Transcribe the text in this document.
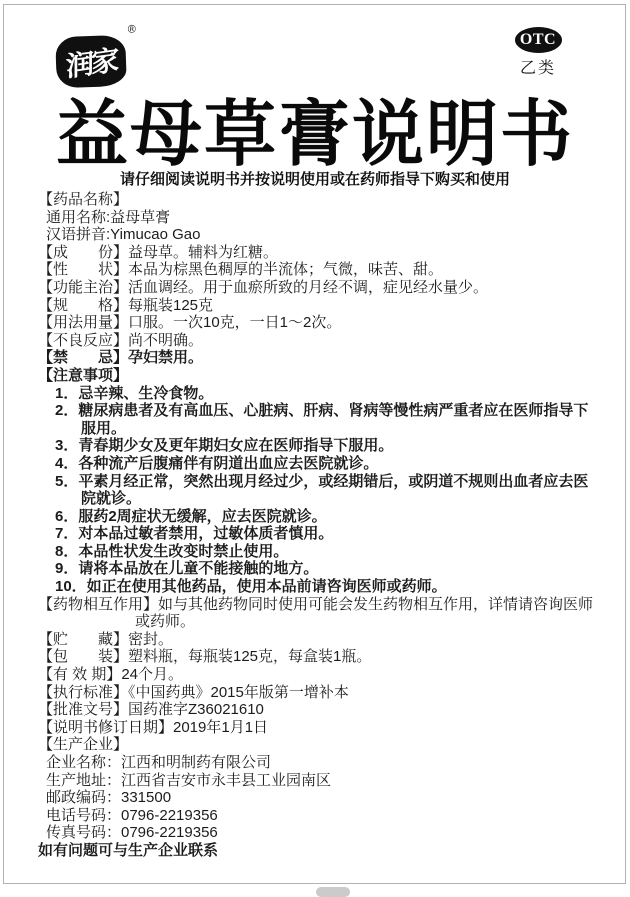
润家
®
OTC
乙类
益母草膏说明书
请仔细阅读说明书并按说明使用或在药师指导下购买和使用
【药品名称】
通用名称:益母草膏
汉语拼音:Yimucao Gao
【成　　份】益母草。辅料为红糖。
【性　　状】本品为棕黑色稠厚的半流体；气微，味苦、甜。
【功能主治】活血调经。用于血瘀所致的月经不调，症见经水量少。
【规　　格】每瓶装125克
【用法用量】口服。一次10克，一日1～2次。
【不良反应】尚不明确。
【禁　　忌】孕妇禁用。
【注意事项】
1．忌辛辣、生冷食物。
2．糖尿病患者及有高血压、心脏病、肝病、肾病等慢性病严重者应在医师指导下服用。
3．青春期少女及更年期妇女应在医师指导下服用。
4．各种流产后腹痛伴有阴道出血应去医院就诊。
5．平素月经正常，突然出现月经过少，或经期错后，或阴道不规则出血者应去医院就诊。
6．服药2周症状无缓解，应去医院就诊。
7．对本品过敏者禁用，过敏体质者慎用。
8．本品性状发生改变时禁止使用。
9．请将本品放在儿童不能接触的地方。
10．如正在使用其他药品，使用本品前请咨询医师或药师。
【药物相互作用】如与其他药物同时使用可能会发生药物相互作用，详情请咨询医师或药师。
【贮　　藏】密封。
【包　　装】塑料瓶，每瓶装125克，每盒装1瓶。
【有 效 期】24个月。
【执行标准】《中国药典》2015年版第一增补本
【批准文号】国药准字Z36021610
【说明书修订日期】2019年1月1日
【生产企业】
企业名称：江西和明制药有限公司
生产地址：江西省吉安市永丰县工业园南区
邮政编码：331500
电话号码：0796-2219356
传真号码：0796-2219356
如有问题可与生产企业联系
